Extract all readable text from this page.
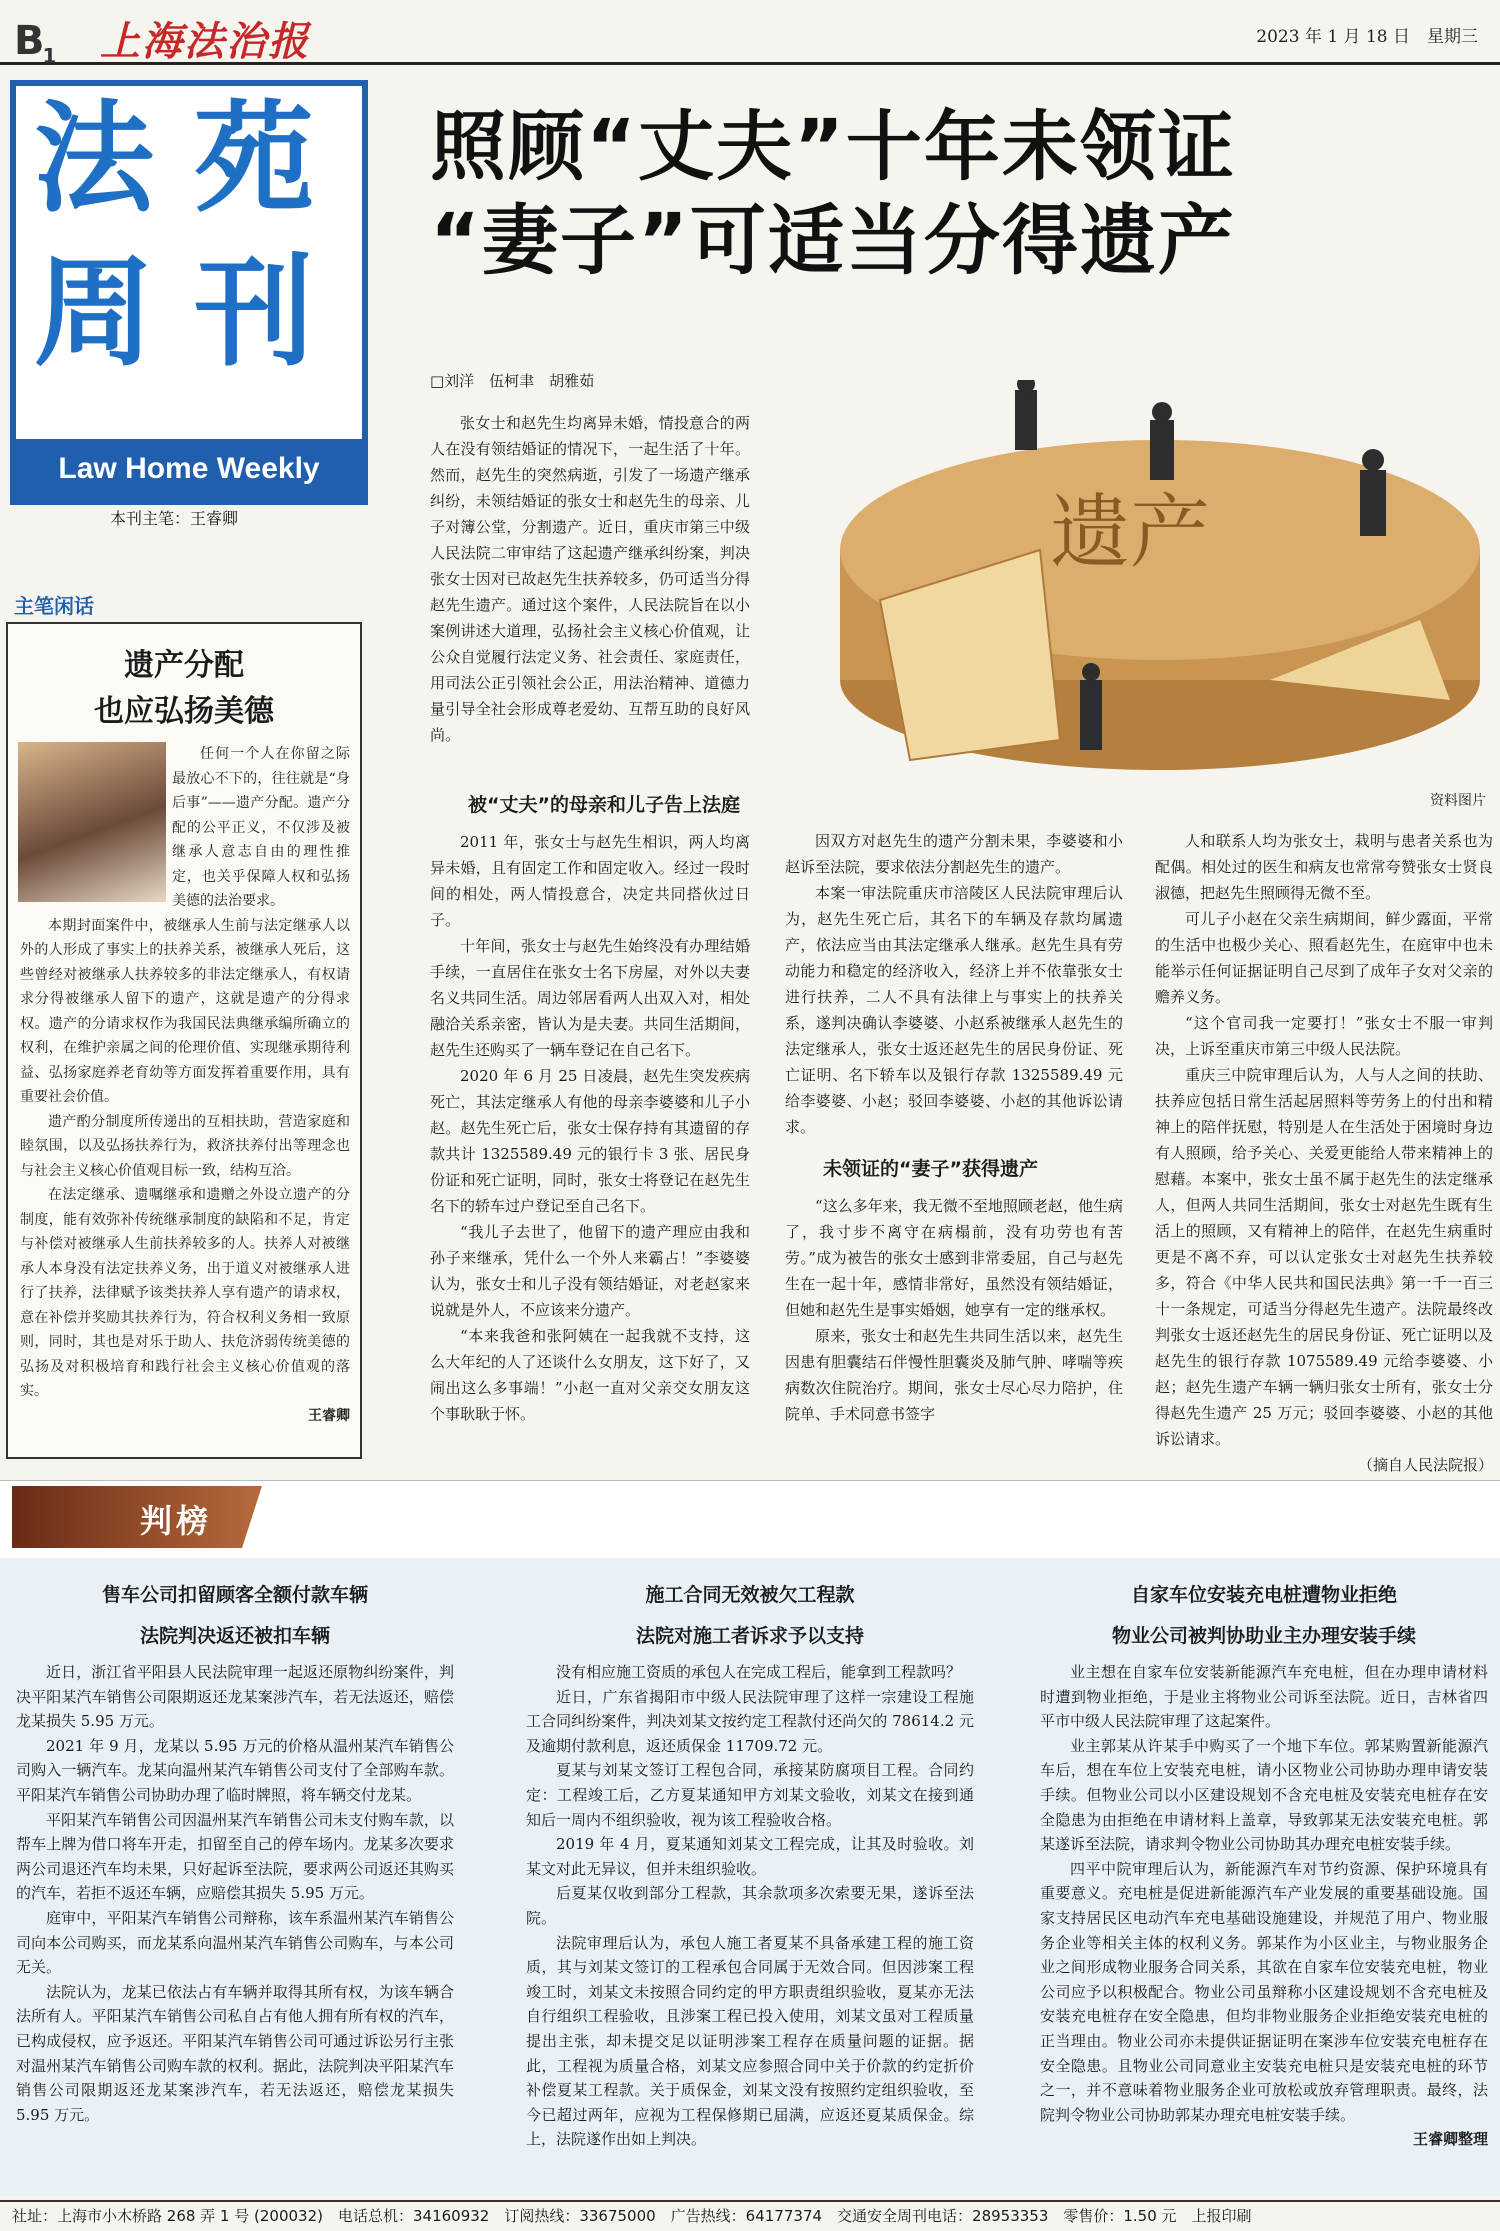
$B_1$ 上海法治报	2023 年 1 月 18 日　星期三
法 苑
周 刊
Law Home Weekly
本刊主笔：王睿卿
主笔闲话
遗产分配
也应弘扬美德

任何一个人在你留之际最放心不下的，往往就是“身后事”——遗产分配。遗产分配的公平正义，不仅涉及被继承人意志自由的理性推定，也关乎保障人权和弘扬美德的法治要求。

本期封面案件中，被继承人生前与法定继承人以外的人形成了事实上的扶养关系，被继承人死后，这些曾经对被继承人扶养较多的非法定继承人，有权请求分得被继承人留下的遗产，这就是遗产的分得求权。遗产的分请求权作为我国民法典继承编所确立的权利，在维护亲属之间的伦理价值、实现继承期待利益、弘扬家庭养老育幼等方面发挥着重要作用，具有重要社会价值。

遗产酌分制度所传递出的互相扶助，营造家庭和睦氛围，以及弘扬扶养行为，救济扶养付出等理念也与社会主义核心价值观目标一致，结构互洽。

在法定继承、遗嘱继承和遗赠之外设立遗产的分制度，能有效弥补传统继承制度的缺陷和不足，肯定与补偿对被继承人生前扶养较多的人。扶养人对被继承人本身没有法定扶养义务，出于道义对被继承人进行了扶养，法律赋予该类扶养人享有遗产的请求权，意在补偿并奖励其扶养行为，符合权利义务相一致原则，同时，其也是对乐于助人、扶危济弱传统美德的弘扬及对积极培育和践行社会主义核心价值观的落实。

王睿卿
照顾“丈夫”十年未领证
“妻子”可适当分得遗产
□刘洋　伍柯聿　胡雅茹

张女士和赵先生均离异未婚，情投意合的两人在没有领结婚证的情况下，一起生活了十年。然而，赵先生的突然病逝，引发了一场遗产继承纠纷，未领结婚证的张女士和赵先生的母亲、儿子对簿公堂，分割遗产。近日，重庆市第三中级人民法院二审审结了这起遗产继承纠纷案，判决张女士因对已故赵先生扶养较多，仍可适当分得赵先生遗产。通过这个案件，人民法院旨在以小案例讲述大道理，弘扬社会主义核心价值观，让公众自觉履行法定义务、社会责任、家庭责任，用司法公正引领社会公正，用法治精神、道德力量引导全社会形成尊老爱幼、互帮互助的良好风尚。

遗产
资料图片
被“丈夫”的母亲和儿子告上法庭

2011 年，张女士与赵先生相识，两人均离异未婚，且有固定工作和固定收入。经过一段时间的相处，两人情投意合，决定共同搭伙过日子。

十年间，张女士与赵先生始终没有办理结婚手续，一直居住在张女士名下房屋，对外以夫妻名义共同生活。周边邻居看两人出双入对，相处融洽关系亲密，皆认为是夫妻。共同生活期间，赵先生还购买了一辆车登记在自己名下。

2020 年 6 月 25 日凌晨，赵先生突发疾病死亡，其法定继承人有他的母亲李婆婆和儿子小赵。赵先生死亡后，张女士保存持有其遗留的存款共计 1325589.49 元的银行卡 3 张、居民身份证和死亡证明，同时，张女士将登记在赵先生名下的轿车过户登记至自己名下。

“我儿子去世了，他留下的遗产理应由我和孙子来继承，凭什么一个外人来霸占！”李婆婆认为，张女士和儿子没有领结婚证，对老赵家来说就是外人，不应该来分遗产。

“本来我爸和张阿姨在一起我就不支持，这么大年纪的人了还谈什么女朋友，这下好了，又闹出这么多事端！”小赵一直对父亲交女朋友这个事耿耿于怀。

因双方对赵先生的遗产分割未果，李婆婆和小赵诉至法院，要求依法分割赵先生的遗产。

本案一审法院重庆市涪陵区人民法院审理后认为，赵先生死亡后，其名下的车辆及存款均属遗产，依法应当由其法定继承人继承。赵先生具有劳动能力和稳定的经济收入，经济上并不依靠张女士进行扶养，二人不具有法律上与事实上的扶养关系，遂判决确认李婆婆、小赵系被继承人赵先生的法定继承人，张女士返还赵先生的居民身份证、死亡证明、名下轿车以及银行存款 1325589.49 元给李婆婆、小赵；驳回李婆婆、小赵的其他诉讼请求。

未领证的“妻子”获得遗产

“这么多年来，我无微不至地照顾老赵，他生病了，我寸步不离守在病榻前，没有功劳也有苦劳。”成为被告的张女士感到非常委屈，自己与赵先生在一起十年，感情非常好，虽然没有领结婚证，但她和赵先生是事实婚姻，她享有一定的继承权。

原来，张女士和赵先生共同生活以来，赵先生因患有胆囊结石伴慢性胆囊炎及肺气肿、哮喘等疾病数次住院治疗。期间，张女士尽心尽力陪护，住院单、手术同意书签字

人和联系人均为张女士，栽明与患者关系也为配偶。相处过的医生和病友也常常夸赞张女士贤良淑德，把赵先生照顾得无微不至。

可儿子小赵在父亲生病期间，鲜少露面，平常的生活中也极少关心、照看赵先生，在庭审中也未能举示任何证据证明自己尽到了成年子女对父亲的赡养义务。

“这个官司我一定要打！”张女士不服一审判决，上诉至重庆市第三中级人民法院。

重庆三中院审理后认为，人与人之间的扶助、扶养应包括日常生活起居照料等劳务上的付出和精神上的陪伴抚慰，特别是人在生活处于困境时身边有人照顾，给予关心、关爱更能给人带来精神上的慰藉。本案中，张女士虽不属于赵先生的法定继承人，但两人共同生活期间，张女士对赵先生既有生活上的照顾，又有精神上的陪伴，在赵先生病重时更是不离不弃，可以认定张女士对赵先生扶养较多，符合《中华人民共和国民法典》第一千一百三十一条规定，可适当分得赵先生遗产。法院最终改判张女士返还赵先生的居民身份证、死亡证明以及赵先生的银行存款 1075589.49 元给李婆婆、小赵；赵先生遗产车辆一辆归张女士所有，张女士分得赵先生遗产 25 万元；驳回李婆婆、小赵的其他诉讼请求。

（摘自人民法院报）
判榜
售车公司扣留顾客全额付款车辆
法院判决返还被扣车辆

近日，浙江省平阳县人民法院审理一起返还原物纠纷案件，判决平阳某汽车销售公司限期返还龙某案涉汽车，若无法返还，赔偿龙某损失 5.95 万元。

2021 年 9 月，龙某以 5.95 万元的价格从温州某汽车销售公司购入一辆汽车。龙某向温州某汽车销售公司支付了全部购车款。平阳某汽车销售公司协助办理了临时牌照，将车辆交付龙某。

平阳某汽车销售公司因温州某汽车销售公司未支付购车款，以帮车上牌为借口将车开走，扣留至自己的停车场内。龙某多次要求两公司退还汽车均未果，只好起诉至法院，要求两公司返还其购买的汽车，若拒不返还车辆，应赔偿其损失 5.95 万元。

庭审中，平阳某汽车销售公司辩称，该车系温州某汽车销售公司向本公司购买，而龙某系向温州某汽车销售公司购车，与本公司无关。

法院认为，龙某已依法占有车辆并取得其所有权，为该车辆合法所有人。平阳某汽车销售公司私自占有他人拥有所有权的汽车，已构成侵权，应予返还。平阳某汽车销售公司可通过诉讼另行主张对温州某汽车销售公司购车款的权利。据此，法院判决平阳某汽车销售公司限期返还龙某案涉汽车，若无法返还，赔偿龙某损失 5.95 万元。

施工合同无效被欠工程款
法院对施工者诉求予以支持

没有相应施工资质的承包人在完成工程后，能拿到工程款吗？

近日，广东省揭阳市中级人民法院审理了这样一宗建设工程施工合同纠纷案件，判决刘某文按约定工程款付还尚欠的 78614.2 元及逾期付款利息，返还质保金 11709.72 元。

夏某与刘某文签订工程包合同，承接某防腐项目工程。合同约定：工程竣工后，乙方夏某通知甲方刘某文验收，刘某文在接到通知后一周内不组织验收，视为该工程验收合格。

2019 年 4 月，夏某通知刘某文工程完成，让其及时验收。刘某文对此无异议，但并未组织验收。

后夏某仅收到部分工程款，其余款项多次索要无果，遂诉至法院。

法院审理后认为，承包人施工者夏某不具备承建工程的施工资质，其与刘某文签订的工程承包合同属于无效合同。但因涉案工程竣工时，刘某文未按照合同约定的甲方职责组织验收，夏某亦无法自行组织工程验收，且涉案工程已投入使用，刘某文虽对工程质量提出主张，却未提交足以证明涉案工程存在质量问题的证据。据此，工程视为质量合格，刘某文应参照合同中关于价款的约定折价补偿夏某工程款。关于质保金，刘某文没有按照约定组织验收，至今已超过两年，应视为工程保修期已届满，应返还夏某质保金。综上，法院遂作出如上判决。

自家车位安装充电桩遭物业拒绝
物业公司被判协助业主办理安装手续

业主想在自家车位安装新能源汽车充电桩，但在办理申请材料时遭到物业拒绝，于是业主将物业公司诉至法院。近日，吉林省四平市中级人民法院审理了这起案件。

业主郭某从许某手中购买了一个地下车位。郭某购置新能源汽车后，想在车位上安装充电桩，请小区物业公司协助办理申请安装手续。但物业公司以小区建设规划不含充电桩及安装充电桩存在安全隐患为由拒绝在申请材料上盖章，导致郭某无法安装充电桩。郭某遂诉至法院，请求判令物业公司协助其办理充电桩安装手续。

四平中院审理后认为，新能源汽车对节约资源、保护环境具有重要意义。充电桩是促进新能源汽车产业发展的重要基础设施。国家支持居民区电动汽车充电基础设施建设，并规范了用户、物业服务企业等相关主体的权利义务。郭某作为小区业主，与物业服务企业之间形成物业服务合同关系，其欲在自家车位安装充电桩，物业公司应予以积极配合。物业公司虽辩称小区建设规划不含充电桩及安装充电桩存在安全隐患，但均非物业服务企业拒绝安装充电桩的正当理由。物业公司亦未提供证据证明在案涉车位安装充电桩存在安全隐患。且物业公司同意业主安装充电桩只是安装充电桩的环节之一，并不意味着物业服务企业可放松或放弃管理职责。最终，法院判令物业公司协助郭某办理充电桩安装手续。

王睿卿整理
社址：上海市小木桥路 268 弄 1 号 (200032)　电话总机：34160932　订阅热线：33675000　广告热线：64177374　交通安全周刊电话：28953353　零售价：1.50 元　上报印刷
